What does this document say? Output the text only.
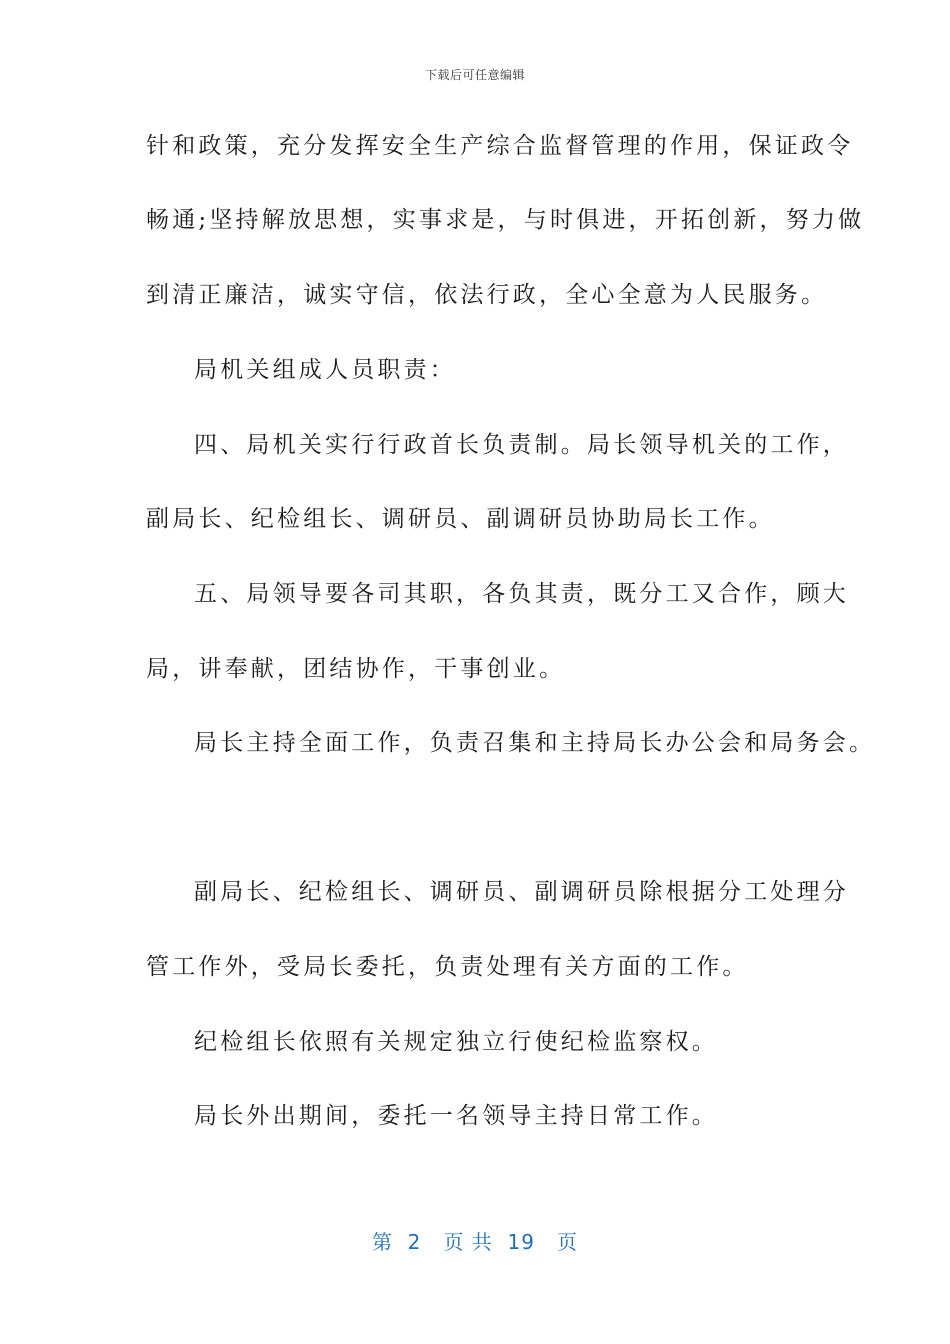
下载后可任意编辑
针和政策，充分发挥安全生产综合监督管理的作用，保证政令
畅通;坚持解放思想，实事求是，与时俱进，开拓创新，努力做
到清正廉洁，诚实守信，依法行政，全心全意为人民服务。
局机关组成人员职责：
四、局机关实行行政首长负责制。局长领导机关的工作，
副局长、纪检组长、调研员、副调研员协助局长工作。
五、局领导要各司其职，各负其责，既分工又合作，顾大
局，讲奉献，团结协作，干事创业。
局长主持全面工作，负责召集和主持局长办公会和局务会。
副局长、纪检组长、调研员、副调研员除根据分工处理分
管工作外，受局长委托，负责处理有关方面的工作。
纪检组长依照有关规定独立行使纪检监察权。
局长外出期间，委托一名领导主持日常工作。
第  2   页 共  19   页
